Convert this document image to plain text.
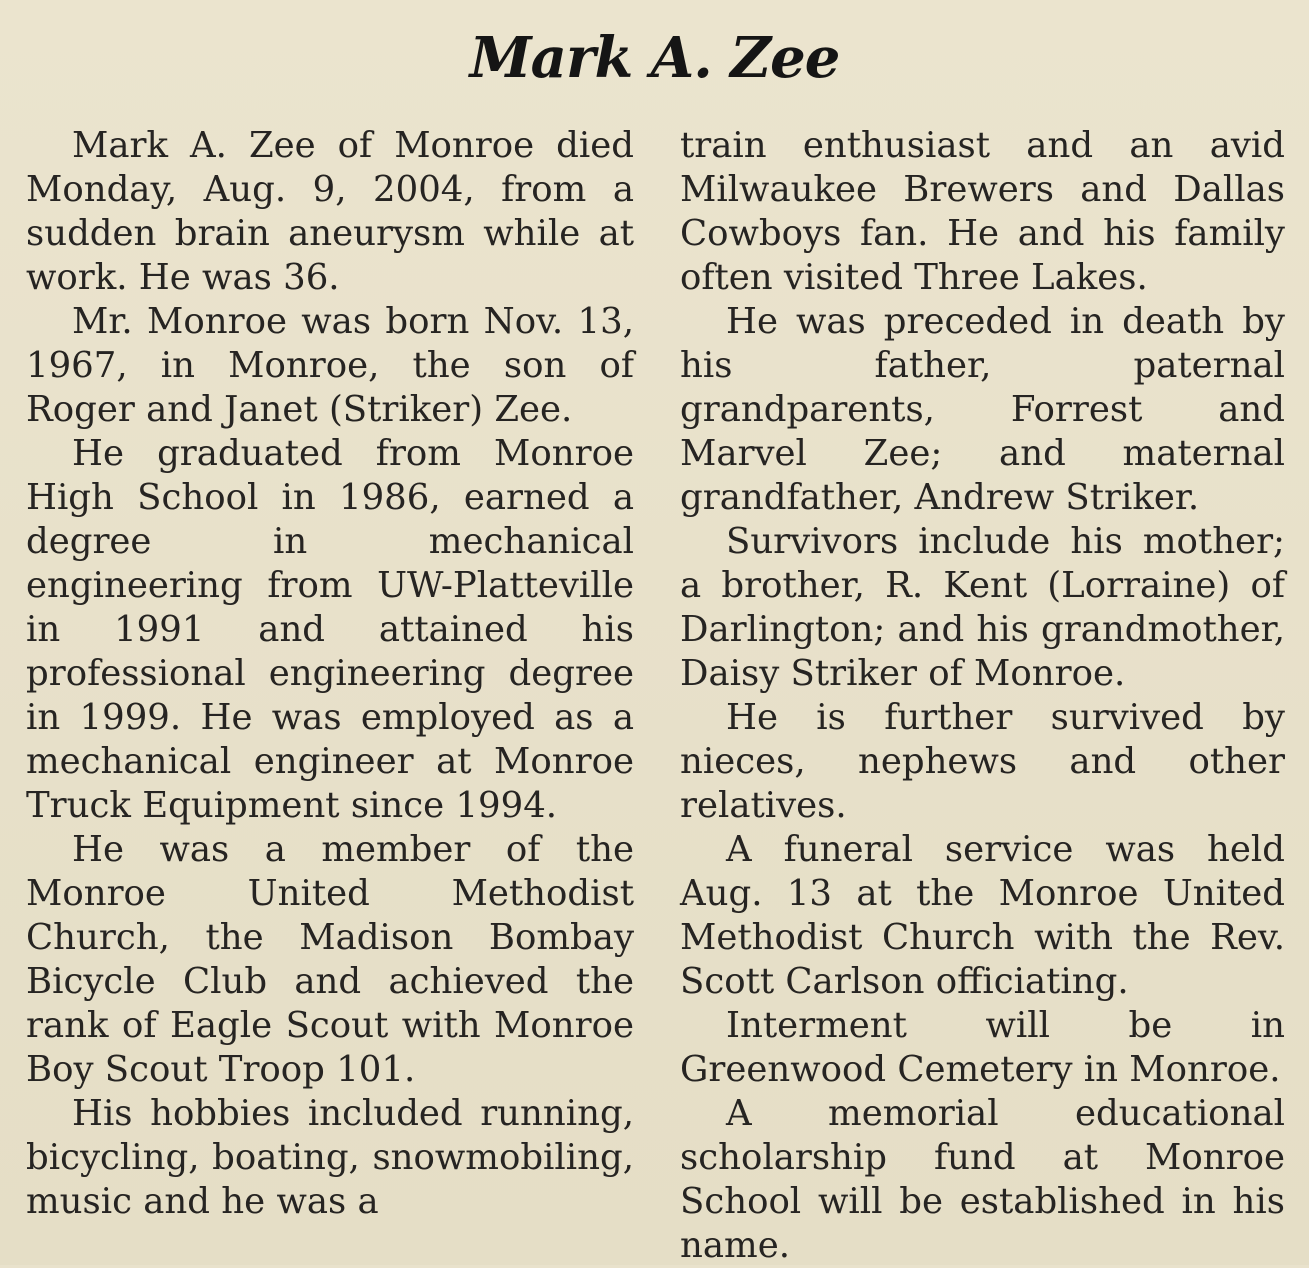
Mark A. Zee

Mark A. Zee of Monroe died Monday, Aug. 9, 2004, from a sudden brain aneurysm while at work. He was 36.

Mr. Monroe was born Nov. 13, 1967, in Monroe, the son of Roger and Janet (Striker) Zee.

He graduated from Monroe High School in 1986, earned a degree in mechanical engineering from UW-Platteville in 1991 and attained his professional engineering degree in 1999. He was employed as a mechanical engineer at Monroe Truck Equipment since 1994.

He was a member of the Monroe United Methodist Church, the Madison Bombay Bicycle Club and achieved the rank of Eagle Scout with Monroe Boy Scout Troop 101.

His hobbies included running, bicycling, boating, snowmobiling, music and he was a

train enthusiast and an avid Milwaukee Brewers and Dallas Cowboys fan. He and his family often visited Three Lakes.

He was preceded in death by his father, paternal grandparents, Forrest and Marvel Zee; and maternal grandfather, Andrew Striker.

Survivors include his mother; a brother, R. Kent (Lorraine) of Darlington; and his grandmother, Daisy Striker of Monroe.

He is further survived by nieces, nephews and other relatives.

A funeral service was held Aug. 13 at the Monroe United Methodist Church with the Rev. Scott Carlson officiating.

Interment will be in Greenwood Cemetery in Monroe.

A memorial educational scholarship fund at Monroe School will be established in his name.
